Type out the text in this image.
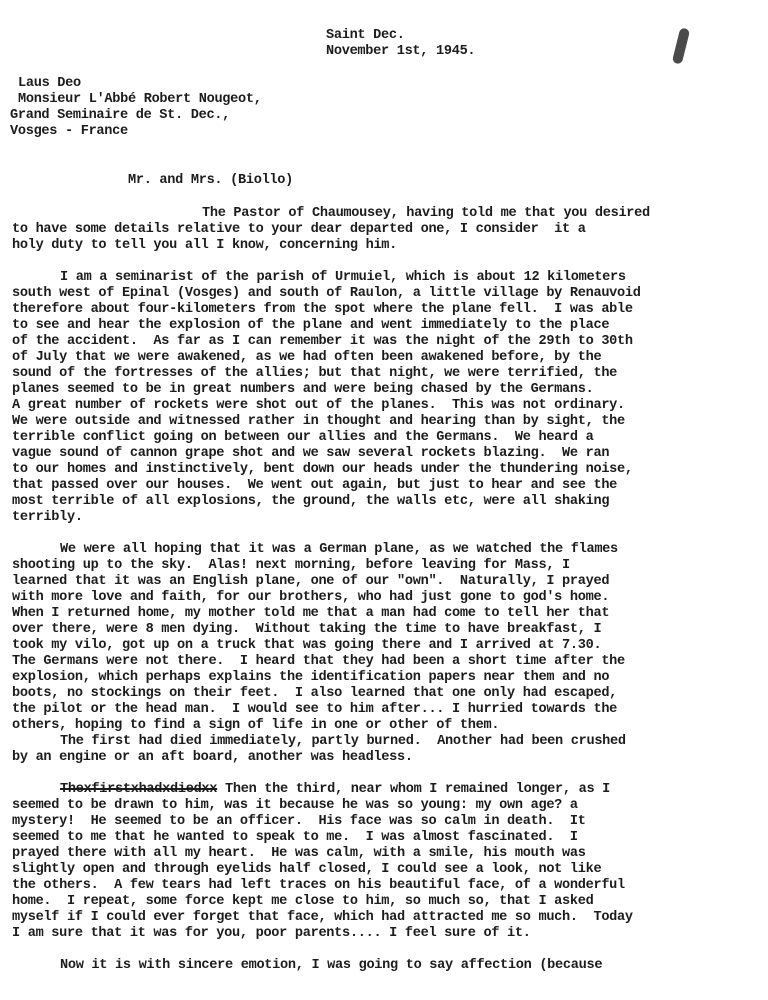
Saint Dec.
November 1st, 1945.
Laus Deo
Monsieur L'Abbé Robert Nougeot,
Grand Seminaire de St. Dec.,
Vosges - France
Mr. and Mrs. (Biollo)
The Pastor of Chaumousey, having told me that you desired
to have some details relative to your dear departed one, I consider  it a
holy duty to tell you all I know, concerning him.
I am a seminarist of the parish of Urmuiel, which is about 12 kilometers
south west of Epinal (Vosges) and south of Raulon, a little village by Renauvoid
therefore about four-kilometers from the spot where the plane fell.  I was able
to see and hear the explosion of the plane and went immediately to the place
of the accident.  As far as I can remember it was the night of the 29th to 30th
of July that we were awakened, as we had often been awakened before, by the
sound of the fortresses of the allies; but that night, we were terrified, the
planes seemed to be in great numbers and were being chased by the Germans.
A great number of rockets were shot out of the planes.  This was not ordinary.
We were outside and witnessed rather in thought and hearing than by sight, the
terrible conflict going on between our allies and the Germans.  We heard a
vague sound of cannon grape shot and we saw several rockets blazing.  We ran
to our homes and instinctively, bent down our heads under the thundering noise,
that passed over our houses.  We went out again, but just to hear and see the
most terrible of all explosions, the ground, the walls etc, were all shaking
terribly.
We were all hoping that it was a German plane, as we watched the flames
shooting up to the sky.  Alas! next morning, before leaving for Mass, I
learned that it was an English plane, one of our "own".  Naturally, I prayed
with more love and faith, for our brothers, who had just gone to god's home.
When I returned home, my mother told me that a man had come to tell her that
over there, were 8 men dying.  Without taking the time to have breakfast, I
took my vilo, got up on a truck that was going there and I arrived at 7.30.
The Germans were not there.  I heard that they had been a short time after the
explosion, which perhaps explains the identification papers near them and no
boots, no stockings on their feet.  I also learned that one only had escaped,
the pilot or the head man.  I would see to him after... I hurried towards the
others, hoping to find a sign of life in one or other of them.
The first had died immediately, partly burned.  Another had been crushed
by an engine or an aft board, another was headless.
Thexfirstxhadxdiedxx Then the third, near whom I remained longer, as I
seemed to be drawn to him, was it because he was so young: my own age? a
mystery!  He seemed to be an officer.  His face was so calm in death.  It
seemed to me that he wanted to speak to me.  I was almost fascinated.  I
prayed there with all my heart.  He was calm, with a smile, his mouth was
slightly open and through eyelids half closed, I could see a look, not like
the others.  A few tears had left traces on his beautiful face, of a wonderful
home.  I repeat, some force kept me close to him, so much so, that I asked
myself if I could ever forget that face, which had attracted me so much.  Today
I am sure that it was for you, poor parents.... I feel sure of it.
Now it is with sincere emotion, I was going to say affection (because
